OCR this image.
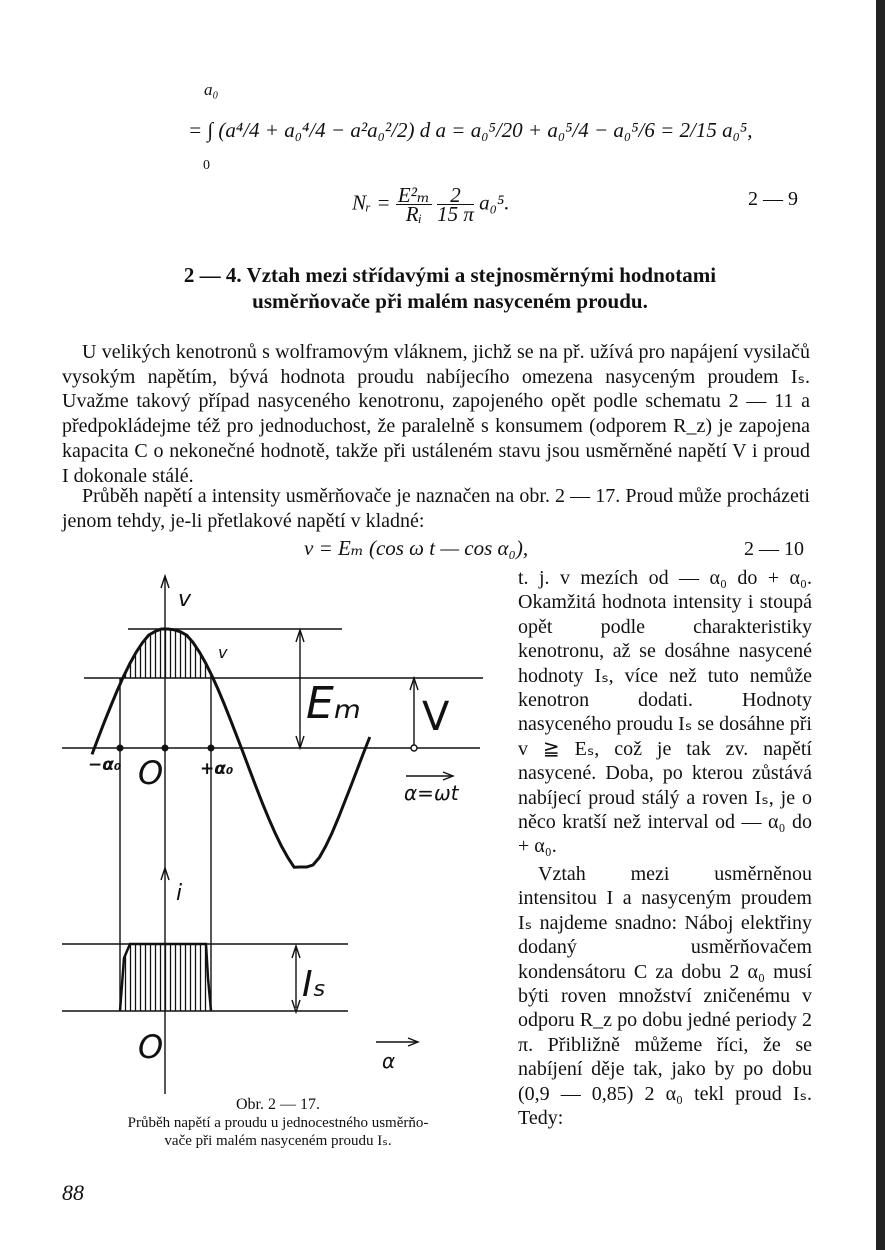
a₀
0
= ∫ (a⁴/4 + a₀⁴/4 − a²a₀²/2) d a = a₀⁵/20 + a₀⁵/4 − a₀⁵/6 = 2/15 a₀⁵,
Nᵣ = $\frac{\text{E²ₘ}}{\text{Rᵢ}}$
$\frac{2}{15 \pi} a_0^5$.	2 — 9
2 — 4. Vztah mezi střídavými a stejnosměrnými hodnotami
usměrňovače při malém nasyceném proudu.

U velikých kenotronů s wolframovým vláknem, jichž se na př. užívá pro napájení vysilačů vysokým napětím, bývá hodnota proudu nabíjecího omezena nasyceným proudem Iₛ. Uvažme takový případ nasyceného kenotronu, zapojeného opět podle schematu 2 — 11 a předpokládejme též pro jednoduchost, že paralelně s konsumem (odporem R_z) je zapojena kapacita C o nekonečné hodnotě, takže při ustáleném stavu jsou usměrněné napětí V i proud I dokonale stálé.

Průběh napětí a intensity usměrňovače je naznačen na obr. 2 — 17. Proud může procházeti jenom tehdy, je-li přetlakové napětí v kladné:

v = Eₘ (cos ω t — cos α₀),	2 — 10

t. j. v mezích od — α₀ do + α₀. Okamžitá hodnota intensity i stoupá opět podle charakteristiky kenotronu, až se dosáhne nasycené hodnoty Iₛ, více než tuto nemůže kenotron dodati. Hodnoty nasyceného proudu Iₛ se dosáhne při v ≧ Eₛ, což je tak zv. napětí nasycené. Doba, po kterou zůstává nabíjecí proud stálý a roven Iₛ, je o něco kratší než interval od — α₀ do + α₀.

Vztah mezi usměrněnou intensitou I a nasyceným proudem Iₛ najdeme snadno: Náboj elektřiny dodaný usměrňovačem kondensátoru C za dobu 2 α₀ musí býti roven množství zničenému v odporu R_z po dobu jedné periody 2 π. Přibližně můžeme říci, že se nabíjení děje tak, jako by po dobu (0,9 — 0,85) 2 α₀ tekl proud Iₛ. Tedy:

v
v
Eₘ V
−α₀ O +α₀
α=ωt
i
Iₛ
O	α
Obr. 2 — 17.
Průběh napětí a proudu u jednocestného usměrňo-
vače při malém nasyceném proudu Iₛ.
88
